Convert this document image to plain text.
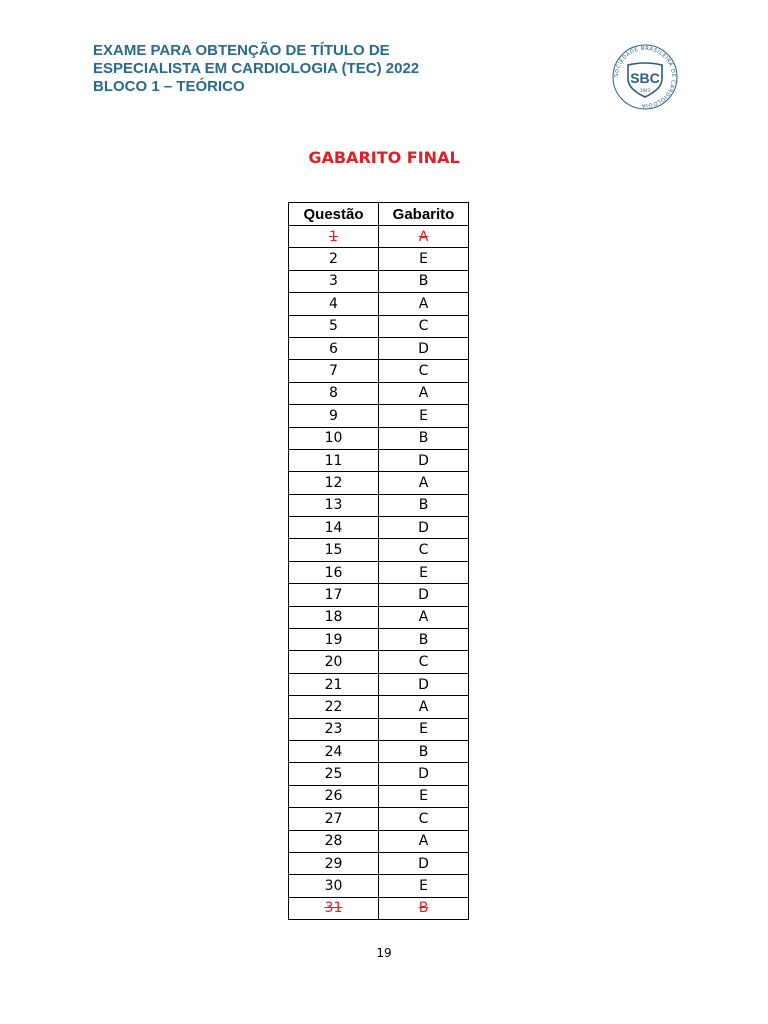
EXAME PARA OBTENÇÃO DE TÍTULO DE
ESPECIALISTA EM CARDIOLOGIA (TEC) 2022
BLOCO 1 – TEÓRICO
SOCIEDADE BRASILEIRA DE CARDIOLOGIA
SBC
1943
GABARITO FINAL
Questão	Gabarito
1	A
2	E
3	B
4	A
5	C
6	D
7	C
8	A
9	E
10	B
11	D
12	A
13	B
14	D
15	C
16	E
17	D
18	A
19	B
20	C
21	D
22	A
23	E
24	B
25	D
26	E
27	C
28	A
29	D
30	E
31	B
19
